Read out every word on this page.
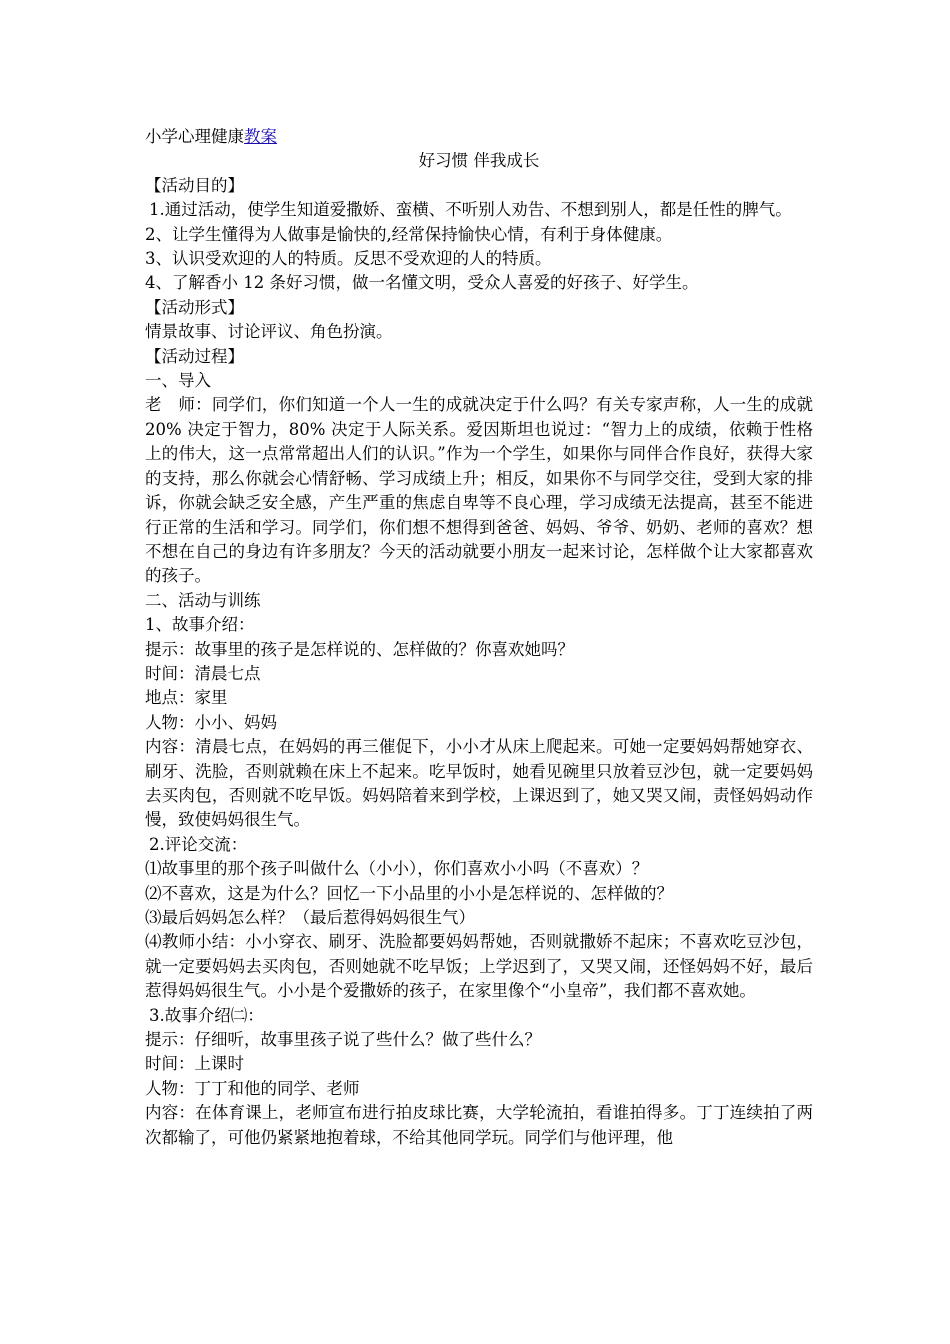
小学心理健康教案
好习惯 伴我成长
【活动目的】
1.通过活动，使学生知道爱撒娇、蛮横、不听别人劝告、不想到别人，都是任性的脾气。
2、让学生懂得为人做事是愉快的,经常保持愉快心情，有利于身体健康。
3、认识受欢迎的人的特质。反思不受欢迎的人的特质。
4、了解香小 12 条好习惯，做一名懂文明，受众人喜爱的好孩子、好学生。
【活动形式】
情景故事、讨论评议、角色扮演。
【活动过程】
一、导入
老　师：同学们，你们知道一个人一生的成就决定于什么吗？有关专家声称，人一生的成就 20% 决定于智力，80% 决定于人际关系。爱因斯坦也说过：“智力上的成绩，依赖于性格上的伟大，这一点常常超出人们的认识。”作为一个学生，如果你与同伴合作良好，获得大家的支持，那么你就会心情舒畅、学习成绩上升；相反，如果你不与同学交往，受到大家的排诉，你就会缺乏安全感，产生严重的焦虑自卑等不良心理，学习成绩无法提高，甚至不能进行正常的生活和学习。同学们，你们想不想得到爸爸、妈妈、爷爷、奶奶、老师的喜欢？想不想在自己的身边有许多朋友？今天的活动就要小朋友一起来讨论，怎样做个让大家都喜欢的孩子。
二、活动与训练
1、故事介绍：
提示：故事里的孩子是怎样说的、怎样做的？你喜欢她吗？
时间：清晨七点
地点：家里
人物：小小、妈妈
内容：清晨七点，在妈妈的再三催促下，小小才从床上爬起来。可她一定要妈妈帮她穿衣、刷牙、洗脸，否则就赖在床上不起来。吃早饭时，她看见碗里只放着豆沙包，就一定要妈妈去买肉包，否则就不吃早饭。妈妈陪着来到学校，上课迟到了，她又哭又闹，责怪妈妈动作慢，致使妈妈很生气。
2.评论交流：
⑴故事里的那个孩子叫做什么（小小），你们喜欢小小吗（不喜欢）？
⑵不喜欢，这是为什么？回忆一下小品里的小小是怎样说的、怎样做的？
⑶最后妈妈怎么样？（最后惹得妈妈很生气）
⑷教师小结：小小穿衣、刷牙、洗脸都要妈妈帮她，否则就撒娇不起床；不喜欢吃豆沙包，就一定要妈妈去买肉包，否则她就不吃早饭；上学迟到了，又哭又闹，还怪妈妈不好，最后惹得妈妈很生气。小小是个爱撒娇的孩子，在家里像个“小皇帝”，我们都不喜欢她。
3.故事介绍㈡：
提示：仔细听，故事里孩子说了些什么？做了些什么？
时间：上课时
人物：丁丁和他的同学、老师
内容：在体育课上，老师宣布进行拍皮球比赛，大学轮流拍，看谁拍得多。丁丁连续拍了两次都输了，可他仍紧紧地抱着球，不给其他同学玩。同学们与他评理，他
